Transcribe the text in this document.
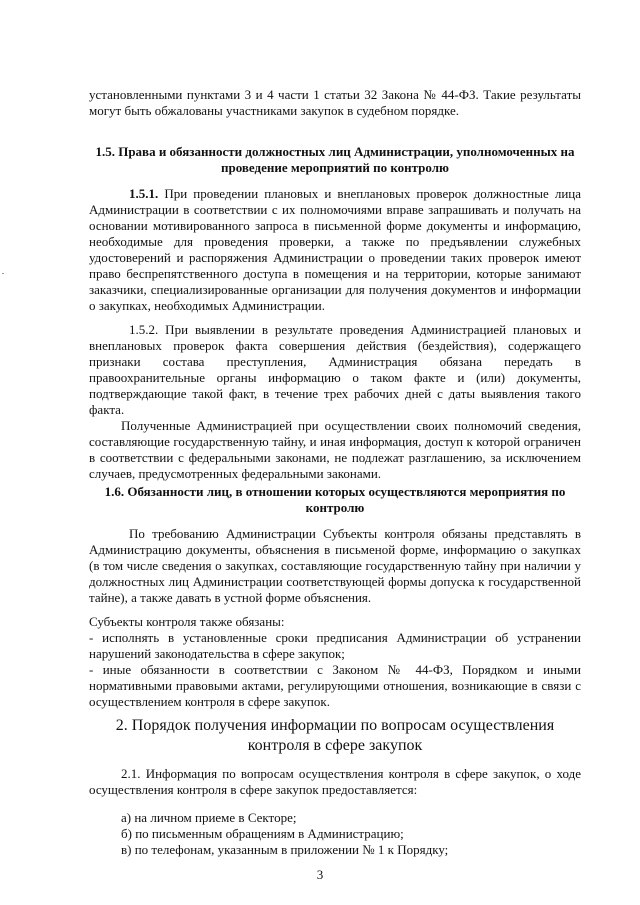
установленными пунктами 3 и 4 части 1 статьи 32 Закона № 44-ФЗ. Такие результаты
могут быть обжалованы участниками закупок в судебном порядке.
1.5. Права и обязанности должностных лиц Администрации, уполномоченных на
проведение мероприятий по контролю
1.5.1. При проведении плановых и внеплановых проверок должностные лица
Администрации в соответствии с их полномочиями вправе запрашивать и получать на
основании мотивированного запроса в письменной форме документы и информацию,
необходимые для проведения проверки, а также по предъявлении служебных
удостоверений и распоряжения Администрации о проведении таких проверок имеют
право беспрепятственного доступа в помещения и на территории, которые занимают
заказчики, специализированные организации для получения документов и информации
о закупках, необходимых Администрации.
1.5.2. При выявлении в результате проведения Администрацией плановых и
внеплановых проверок факта совершения действия (бездействия), содержащего
признаки состава преступления, Администрация обязана передать в
правоохранительные органы информацию о таком факте и (или) документы,
подтверждающие такой факт, в течение трех рабочих дней с даты выявления такого
факта.
Полученные Администрацией при осуществлении своих полномочий сведения,
составляющие государственную тайну, и иная информация, доступ к которой ограничен
в соответствии с федеральными законами, не подлежат разглашению, за исключением
случаев, предусмотренных федеральными законами.
1.6. Обязанности лиц, в отношении которых осуществляются мероприятия по
контролю
По требованию Администрации Субъекты контроля обязаны представлять в
Администрацию документы, объяснения в письменой форме, информацию о закупках
(в том числе сведения о закупках, составляющие государственную тайну при наличии у
должностных лиц Администрации соответствующей формы допуска к государственной
тайне), а также давать в устной форме объяснения.
Субъекты контроля также обязаны:
- исполнять в установленные сроки предписания Администрации об устранении
нарушений законодательства в сфере закупок;
- иные обязанности в соответствии с Законом № 44-ФЗ, Порядком и иными
нормативными правовыми актами, регулирующими отношения, возникающие в связи с
осуществлением контроля в сфере закупок.
2. Порядок получения информации по вопросам осуществления
контроля в сфере закупок
2.1. Информация по вопросам осуществления контроля в сфере закупок, о ходе
осуществления контроля в сфере закупок предоставляется:
а) на личном приеме в Секторе;
б) по письменным обращениям в Администрацию;
в) по телефонам, указанным в приложении № 1 к Порядку;
3
